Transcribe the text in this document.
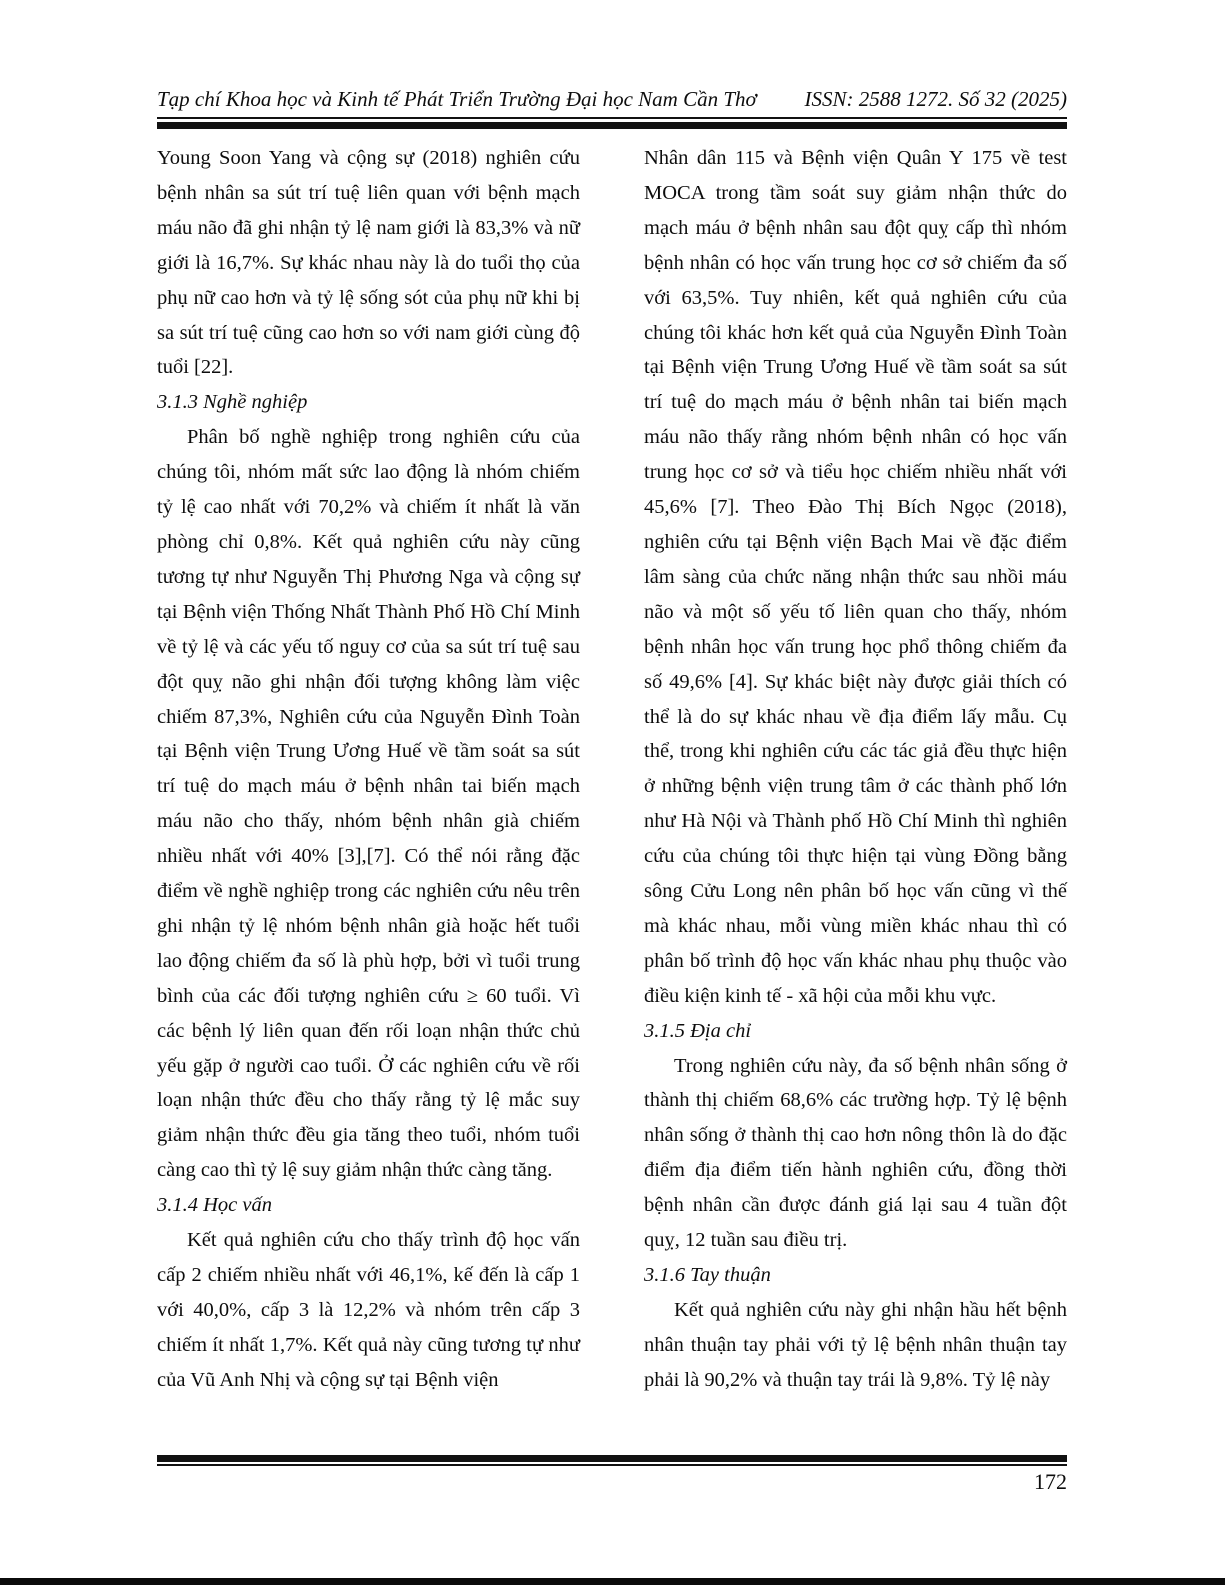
Tạp chí Khoa học và Kinh tế Phát Triển Trường Đại học Nam Cần Thơ ISSN: 2588 1272. Số 32 (2025)
Young Soon Yang và cộng sự (2018) nghiên cứu bệnh nhân sa sút trí tuệ liên quan với bệnh mạch máu não đã ghi nhận tỷ lệ nam giới là 83,3% và nữ giới là 16,7%. Sự khác nhau này là do tuổi thọ của phụ nữ cao hơn và tỷ lệ sống sót của phụ nữ khi bị sa sút trí tuệ cũng cao hơn so với nam giới cùng độ tuổi [22].
3.1.3 Nghề nghiệp
Phân bố nghề nghiệp trong nghiên cứu của chúng tôi, nhóm mất sức lao động là nhóm chiếm tỷ lệ cao nhất với 70,2% và chiếm ít nhất là văn phòng chỉ 0,8%. Kết quả nghiên cứu này cũng tương tự như Nguyễn Thị Phương Nga và cộng sự tại Bệnh viện Thống Nhất Thành Phố Hồ Chí Minh về tỷ lệ và các yếu tố nguy cơ của sa sút trí tuệ sau đột quỵ não ghi nhận đối tượng không làm việc chiếm 87,3%, Nghiên cứu của Nguyễn Đình Toàn tại Bệnh viện Trung Ương Huế về tầm soát sa sút trí tuệ do mạch máu ở bệnh nhân tai biến mạch máu não cho thấy, nhóm bệnh nhân già chiếm nhiều nhất với 40% [3],[7]. Có thể nói rằng đặc điểm về nghề nghiệp trong các nghiên cứu nêu trên ghi nhận tỷ lệ nhóm bệnh nhân già hoặc hết tuổi lao động chiếm đa số là phù hợp, bởi vì tuổi trung bình của các đối tượng nghiên cứu ≥ 60 tuổi. Vì các bệnh lý liên quan đến rối loạn nhận thức chủ yếu gặp ở người cao tuổi. Ở các nghiên cứu về rối loạn nhận thức đều cho thấy rằng tỷ lệ mắc suy giảm nhận thức đều gia tăng theo tuổi, nhóm tuổi càng cao thì tỷ lệ suy giảm nhận thức càng tăng.
3.1.4 Học vấn
Kết quả nghiên cứu cho thấy trình độ học vấn cấp 2 chiếm nhiều nhất với 46,1%, kế đến là cấp 1 với 40,0%, cấp 3 là 12,2% và nhóm trên cấp 3 chiếm ít nhất 1,7%. Kết quả này cũng tương tự như của Vũ Anh Nhị và cộng sự tại Bệnh viện
Nhân dân 115 và Bệnh viện Quân Y 175 về test MOCA trong tầm soát suy giảm nhận thức do mạch máu ở bệnh nhân sau đột quỵ cấp thì nhóm bệnh nhân có học vấn trung học cơ sở chiếm đa số với 63,5%. Tuy nhiên, kết quả nghiên cứu của chúng tôi khác hơn kết quả của Nguyễn Đình Toàn tại Bệnh viện Trung Ương Huế về tầm soát sa sút trí tuệ do mạch máu ở bệnh nhân tai biến mạch máu não thấy rằng nhóm bệnh nhân có học vấn trung học cơ sở và tiểu học chiếm nhiều nhất với 45,6% [7]. Theo Đào Thị Bích Ngọc (2018), nghiên cứu tại Bệnh viện Bạch Mai về đặc điểm lâm sàng của chức năng nhận thức sau nhồi máu não và một số yếu tố liên quan cho thấy, nhóm bệnh nhân học vấn trung học phổ thông chiếm đa số 49,6% [4]. Sự khác biệt này được giải thích có thể là do sự khác nhau về địa điểm lấy mẫu. Cụ thể, trong khi nghiên cứu các tác giả đều thực hiện ở những bệnh viện trung tâm ở các thành phố lớn như Hà Nội và Thành phố Hồ Chí Minh thì nghiên cứu của chúng tôi thực hiện tại vùng Đồng bằng sông Cửu Long nên phân bố học vấn cũng vì thế mà khác nhau, mỗi vùng miền khác nhau thì có phân bố trình độ học vấn khác nhau phụ thuộc vào điều kiện kinh tế - xã hội của mỗi khu vực.
3.1.5 Địa chỉ
Trong nghiên cứu này, đa số bệnh nhân sống ở thành thị chiếm 68,6% các trường hợp. Tỷ lệ bệnh nhân sống ở thành thị cao hơn nông thôn là do đặc điểm địa điểm tiến hành nghiên cứu, đồng thời bệnh nhân cần được đánh giá lại sau 4 tuần đột quỵ, 12 tuần sau điều trị.
3.1.6 Tay thuận
Kết quả nghiên cứu này ghi nhận hầu hết bệnh nhân thuận tay phải với tỷ lệ bệnh nhân thuận tay phải là 90,2% và thuận tay trái là 9,8%. Tỷ lệ này
172
